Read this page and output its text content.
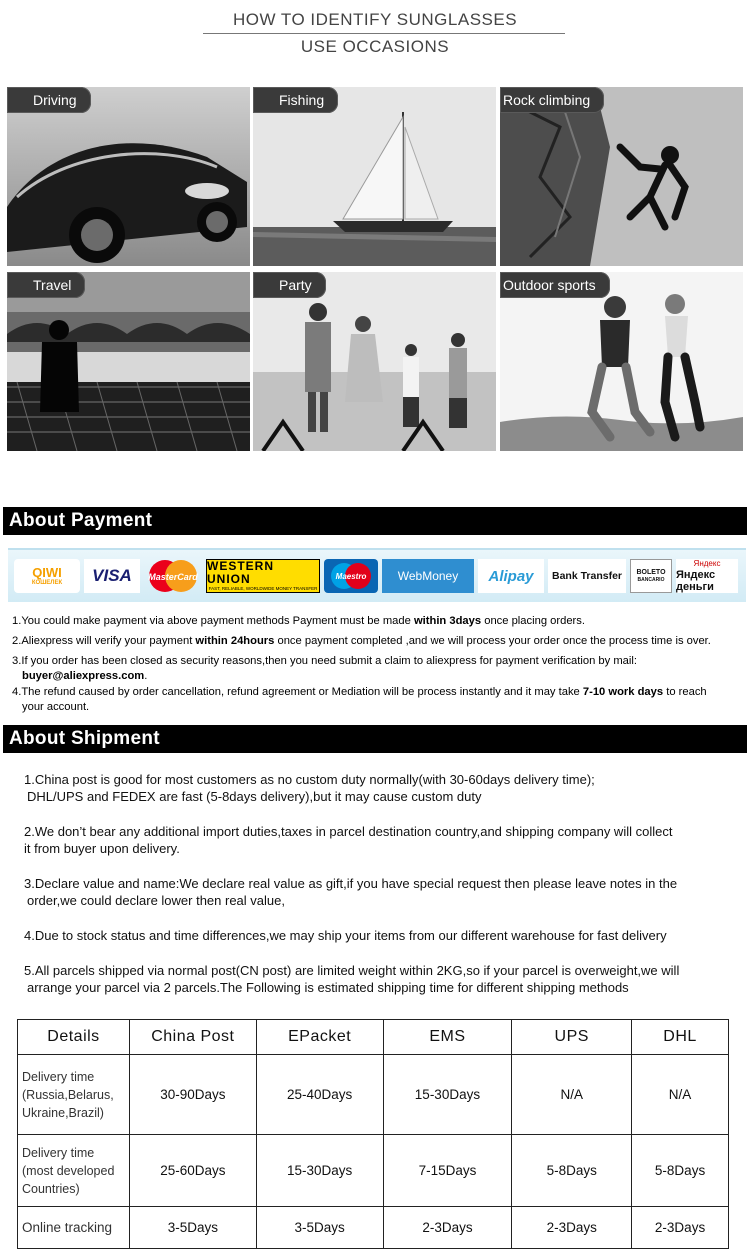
HOW TO IDENTIFY SUNGLASSES
USE OCCASIONS
Driving	Fishing	Rock climbing
Travel	Party	Outdoor sports
About Payment
QIWI
КОШЕЛЕК	VISA	MasterCard
WESTERN UNION
FAST, RELIABLE, WORLDWIDE MONEY TRANSFER
Maestro	WebMoney	Alipay	Bank Transfer	BOLETO
BANCARIO
Яндекс
Яндекс деньги
1.You could make payment via above payment methods Payment must be made within 3days once placing orders.
2.Aliexpress will verify your payment within 24hours once payment completed ,and we will process your order once the process time is over.
3.If you order has been closed as security reasons,then you need submit a claim to aliexpress for payment verification by mail:
buyer@aliexpress.com.
4.The refund caused by order cancellation, refund agreement or Mediation will be process instantly and it may take 7-10 work days to reach
your account.
About Shipment
1.China post is good for most customers as no custom duty normally(with 30-60days delivery time);
DHL/UPS and FEDEX are fast (5-8days delivery),but it may cause custom duty
2.We don’t bear any additional import duties,taxes in parcel destination country,and shipping company will collect
it from buyer upon delivery.
3.Declare value and name:We declare real value as gift,if you have special request then please leave notes in the
order,we could declare lower then real value,
4.Due to stock status and time differences,we may ship your items from our different warehouse for fast delivery
5.All parcels shipped via normal post(CN post) are limited weight within 2KG,so if your parcel is overweight,we will
arrange your parcel via 2 parcels.The Following is estimated shipping time for different shipping methods
Details	China Post	EPacket	EMS	UPS	DHL

Delivery time
(Russia,Belarus,
Ukraine,Brazil)	30-90Days	25-40Days	15-30Days	N/A	N/A

Delivery time
(most developed
Countries)	25-60Days	15-30Days	7-15Days	5-8Days	5-8Days
Online tracking	3-5Days	3-5Days	2-3Days	2-3Days	2-3Days
